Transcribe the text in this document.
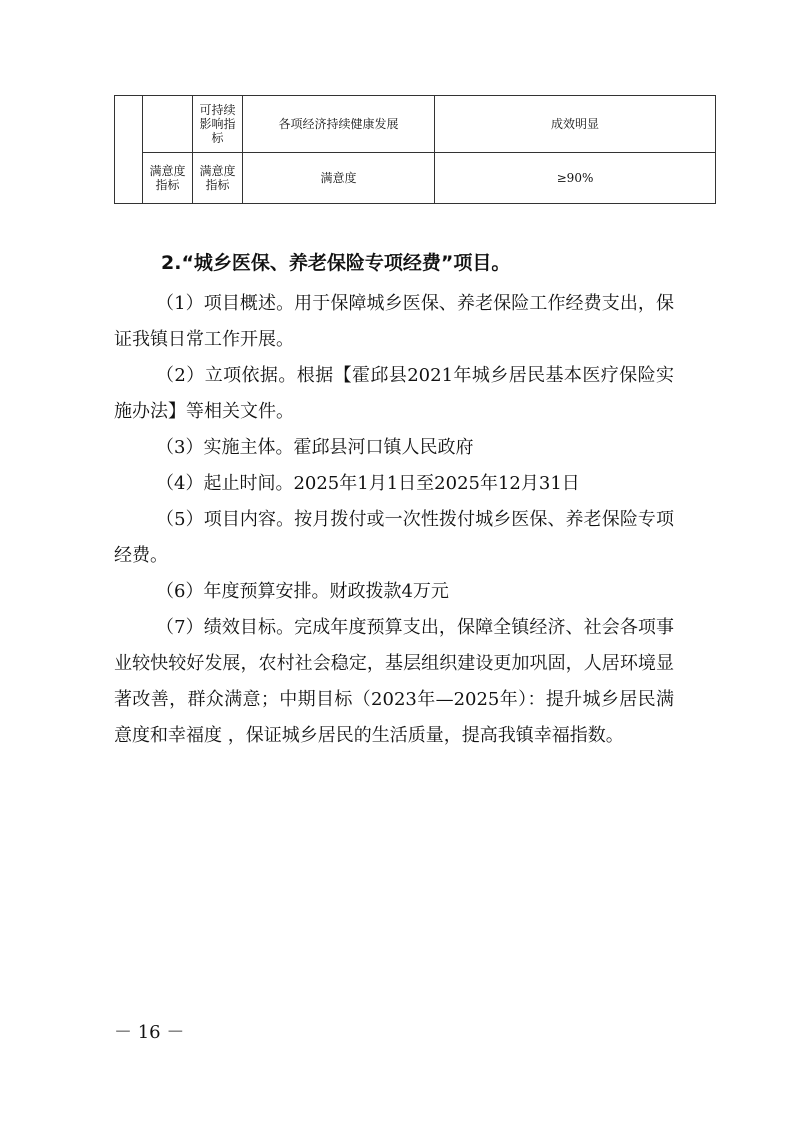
		可持续影响指标	各项经济持续健康发展	成效明显
	满意度指标	满意度指标	满意度	≥90%
2.“城乡医保、养老保险专项经费”项目。

（1）项目概述。用于保障城乡医保、养老保险工作经费支出，保证我镇日常工作开展。

（2）立项依据。根据【霍邱县2021年城乡居民基本医疗保险实施办法】等相关文件。

（3）实施主体。霍邱县河口镇人民政府

（4）起止时间。2025年1月1日至2025年12月31日

（5）项目内容。按月拨付或一次性拨付城乡医保、养老保险专项经费。

（6）年度预算安排。财政拨款4万元

（7）绩效目标。完成年度预算支出，保障全镇经济、社会各项事业较快较好发展，农村社会稳定，基层组织建设更加巩固，人居环境显著改善，群众满意；中期目标（2023年—2025年）：提升城乡居民满意度和幸福度 ，保证城乡居民的生活质量，提高我镇幸福指数。

－ 16 －
